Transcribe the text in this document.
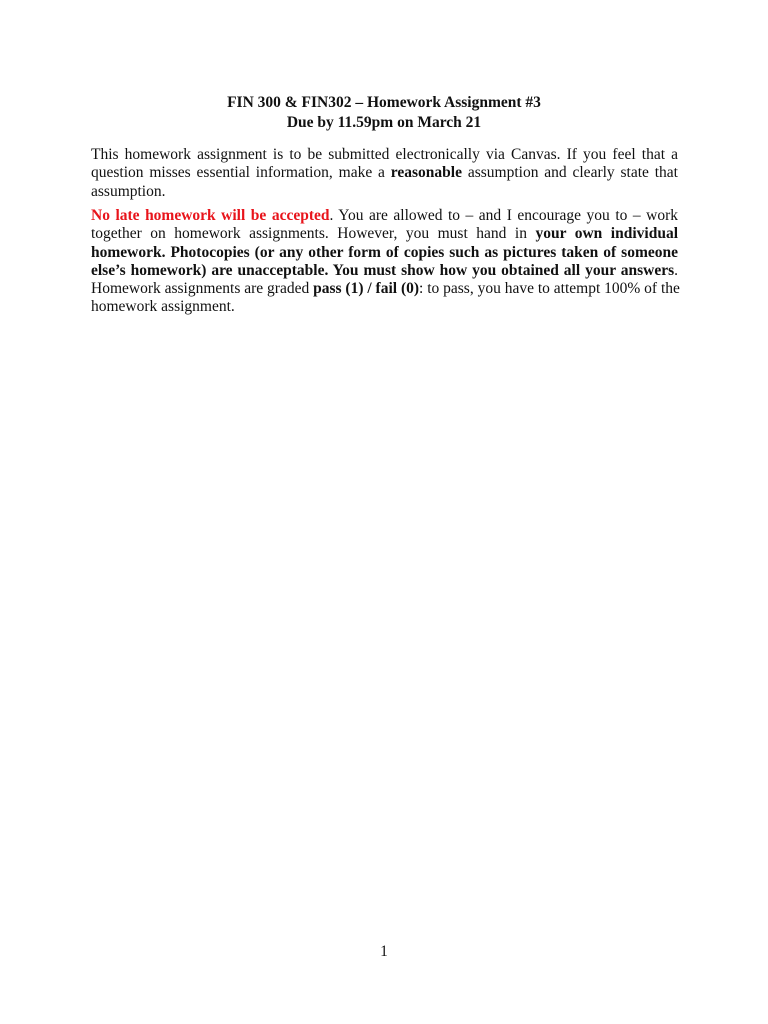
FIN 300 & FIN302 – Homework Assignment #3
Due by 11.59pm on March 21
This homework assignment is to be submitted electronically via Canvas. If you feel that a
question misses essential information, make a reasonable assumption and clearly state that
assumption.
No late homework will be accepted. You are allowed to – and I encourage you to – work
together on homework assignments. However, you must hand in your own individual
homework. Photocopies (or any other form of copies such as pictures taken of someone
else’s homework) are unacceptable. You must show how you obtained all your answers.
Homework assignments are graded pass (1) / fail (0): to pass, you have to attempt 100% of the
homework assignment.
1
